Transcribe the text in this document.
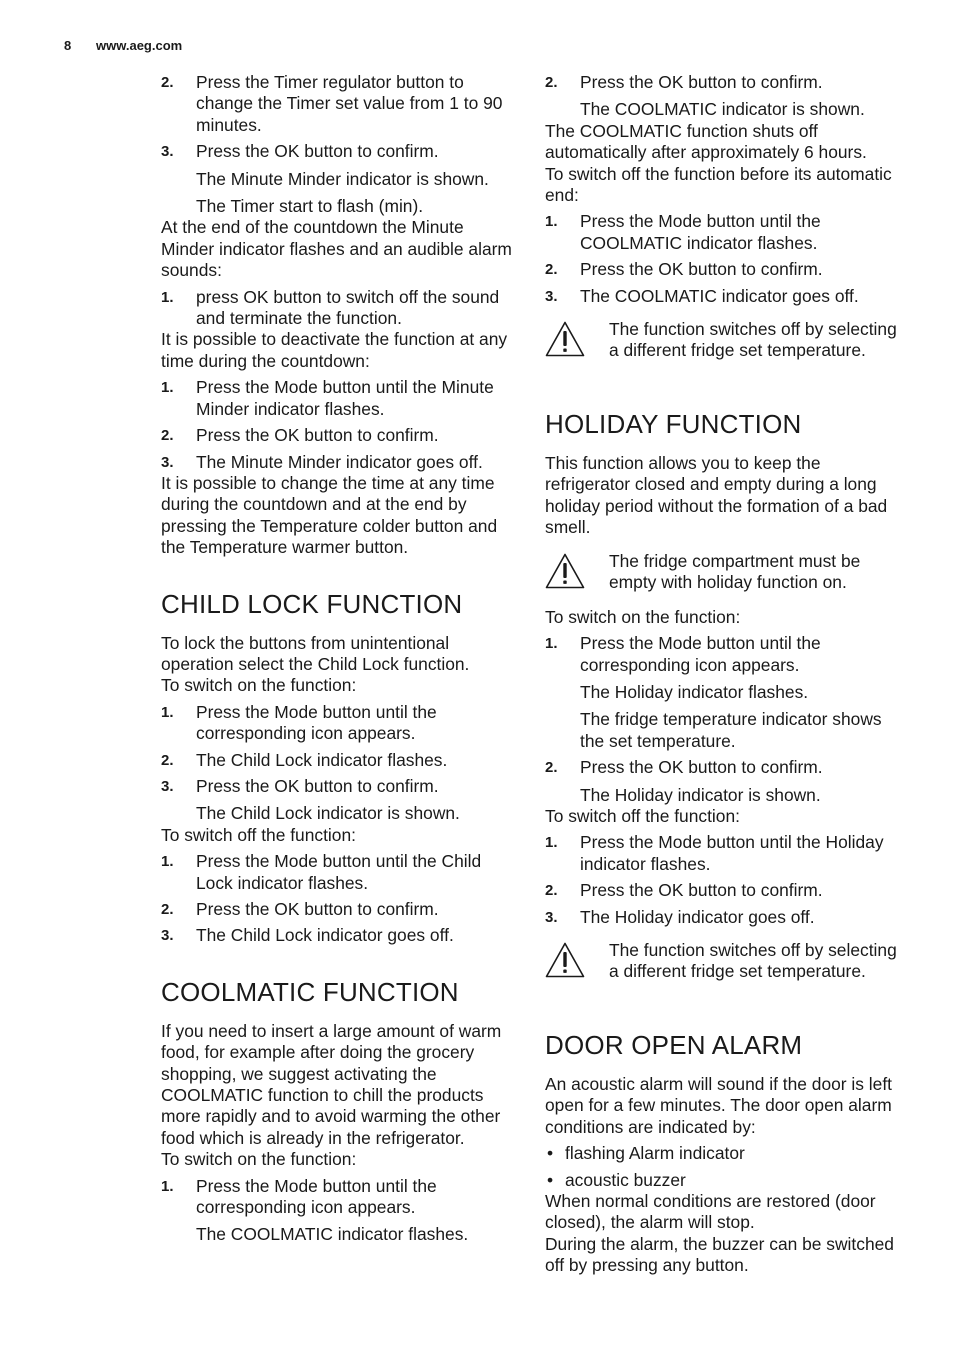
8 www.aeg.com
2. Press the Timer regulator button to change the Timer set value from 1 to 90 minutes.
3. Press the OK button to confirm.
The Minute Minder indicator is shown.
The Timer start to flash (min).

At the end of the countdown the Minute Minder indicator flashes and an audible alarm sounds:

1. press OK button to switch off the sound and terminate the function.

It is possible to deactivate the function at any time during the countdown:

1. Press the Mode button until the Minute Minder indicator flashes.
2. Press the OK button to confirm.
3. The Minute Minder indicator goes off.

It is possible to change the time at any time during the countdown and at the end by pressing the Temperature colder button and the Temperature warmer button.

CHILD LOCK FUNCTION

To lock the buttons from unintentional operation select the Child Lock function.

To switch on the function:

1. Press the Mode button until the corresponding icon appears.
2. The Child Lock indicator flashes.
3. Press the OK button to confirm.
The Child Lock indicator is shown.

To switch off the function:

1. Press the Mode button until the Child Lock indicator flashes.
2. Press the OK button to confirm.
3. The Child Lock indicator goes off.
COOLMATIC FUNCTION

If you need to insert a large amount of warm food, for example after doing the grocery shopping, we suggest activating the COOLMATIC function to chill the products more rapidly and to avoid warming the other food which is already in the refrigerator.

To switch on the function:

1. Press the Mode button until the corresponding icon appears.
The COOLMATIC indicator flashes.
2. Press the OK button to confirm.
The COOLMATIC indicator is shown.

The COOLMATIC function shuts off automatically after approximately 6 hours.

To switch off the function before its automatic end:

1. Press the Mode button until the COOLMATIC indicator flashes.
2. Press the OK button to confirm.
3. The COOLMATIC indicator goes off.
The function switches off by selecting a different fridge set temperature.
HOLIDAY FUNCTION

This function allows you to keep the refrigerator closed and empty during a long holiday period without the formation of a bad smell.

The fridge compartment must be empty with holiday function on.

To switch on the function:

1. Press the Mode button until the corresponding icon appears.
The Holiday indicator flashes.
The fridge temperature indicator shows the set temperature.
2. Press the OK button to confirm.
The Holiday indicator is shown.

To switch off the function:

1. Press the Mode button until the Holiday indicator flashes.
2. Press the OK button to confirm.
3. The Holiday indicator goes off.
The function switches off by selecting a different fridge set temperature.
DOOR OPEN ALARM

An acoustic alarm will sound if the door is left open for a few minutes. The door open alarm conditions are indicated by:

• flashing Alarm indicator
• acoustic buzzer

When normal conditions are restored (door closed), the alarm will stop.

During the alarm, the buzzer can be switched off by pressing any button.
